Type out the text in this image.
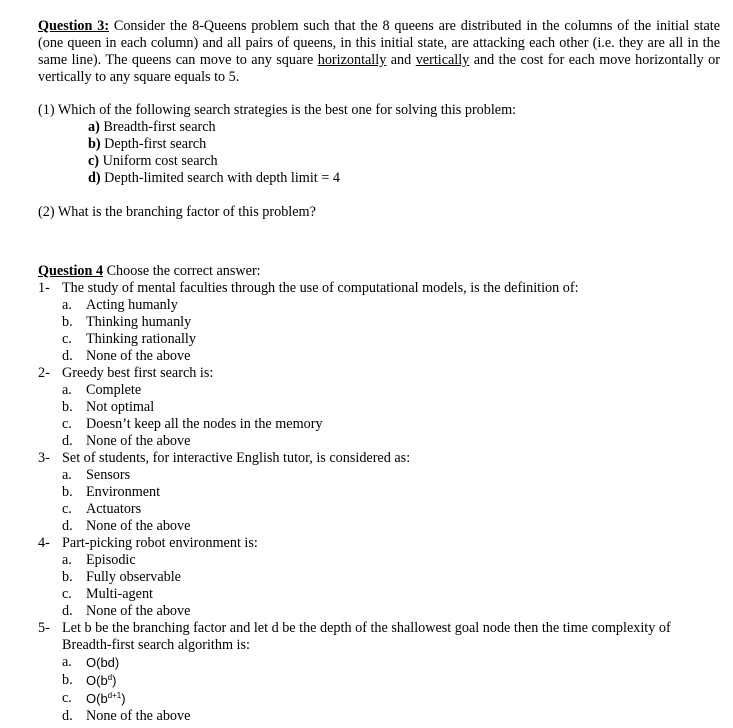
Question 3: Consider the 8-Queens problem such that the 8 queens are distributed in the columns of the initial state (one queen in each column) and all pairs of queens, in this initial state, are attacking each other (i.e. they are all in the same line). The queens can move to any square horizontally and vertically and the cost for each move horizontally or vertically to any square equals to 5.

(1) Which of the following search strategies is the best one for solving this problem:
a) Breadth-first search
b) Depth-first search
c) Uniform cost search
d) Depth-limited search with depth limit = 4
(2) What is the branching factor of this problem?
Question 4 Choose the correct answer:
1- The study of mental faculties through the use of computational models, is the definition of:
a. Acting humanly
b. Thinking humanly
c. Thinking rationally
d. None of the above
2- Greedy best first search is:
a. Complete
b. Not optimal
c. Doesn’t keep all the nodes in the memory
d. None of the above
3- Set of students, for interactive English tutor, is considered as:
a. Sensors
b. Environment
c. Actuators
d. None of the above
4- Part-picking robot environment is:
a. Episodic
b. Fully observable
c. Multi-agent
d. None of the above
5- Let b be the branching factor and let d be the depth of the shallowest goal node then the time complexity of Breadth-first search algorithm is:
a. O(bd)
b. $O(b^d)$
c. $O(b^{d+1})$
d. None of the above
